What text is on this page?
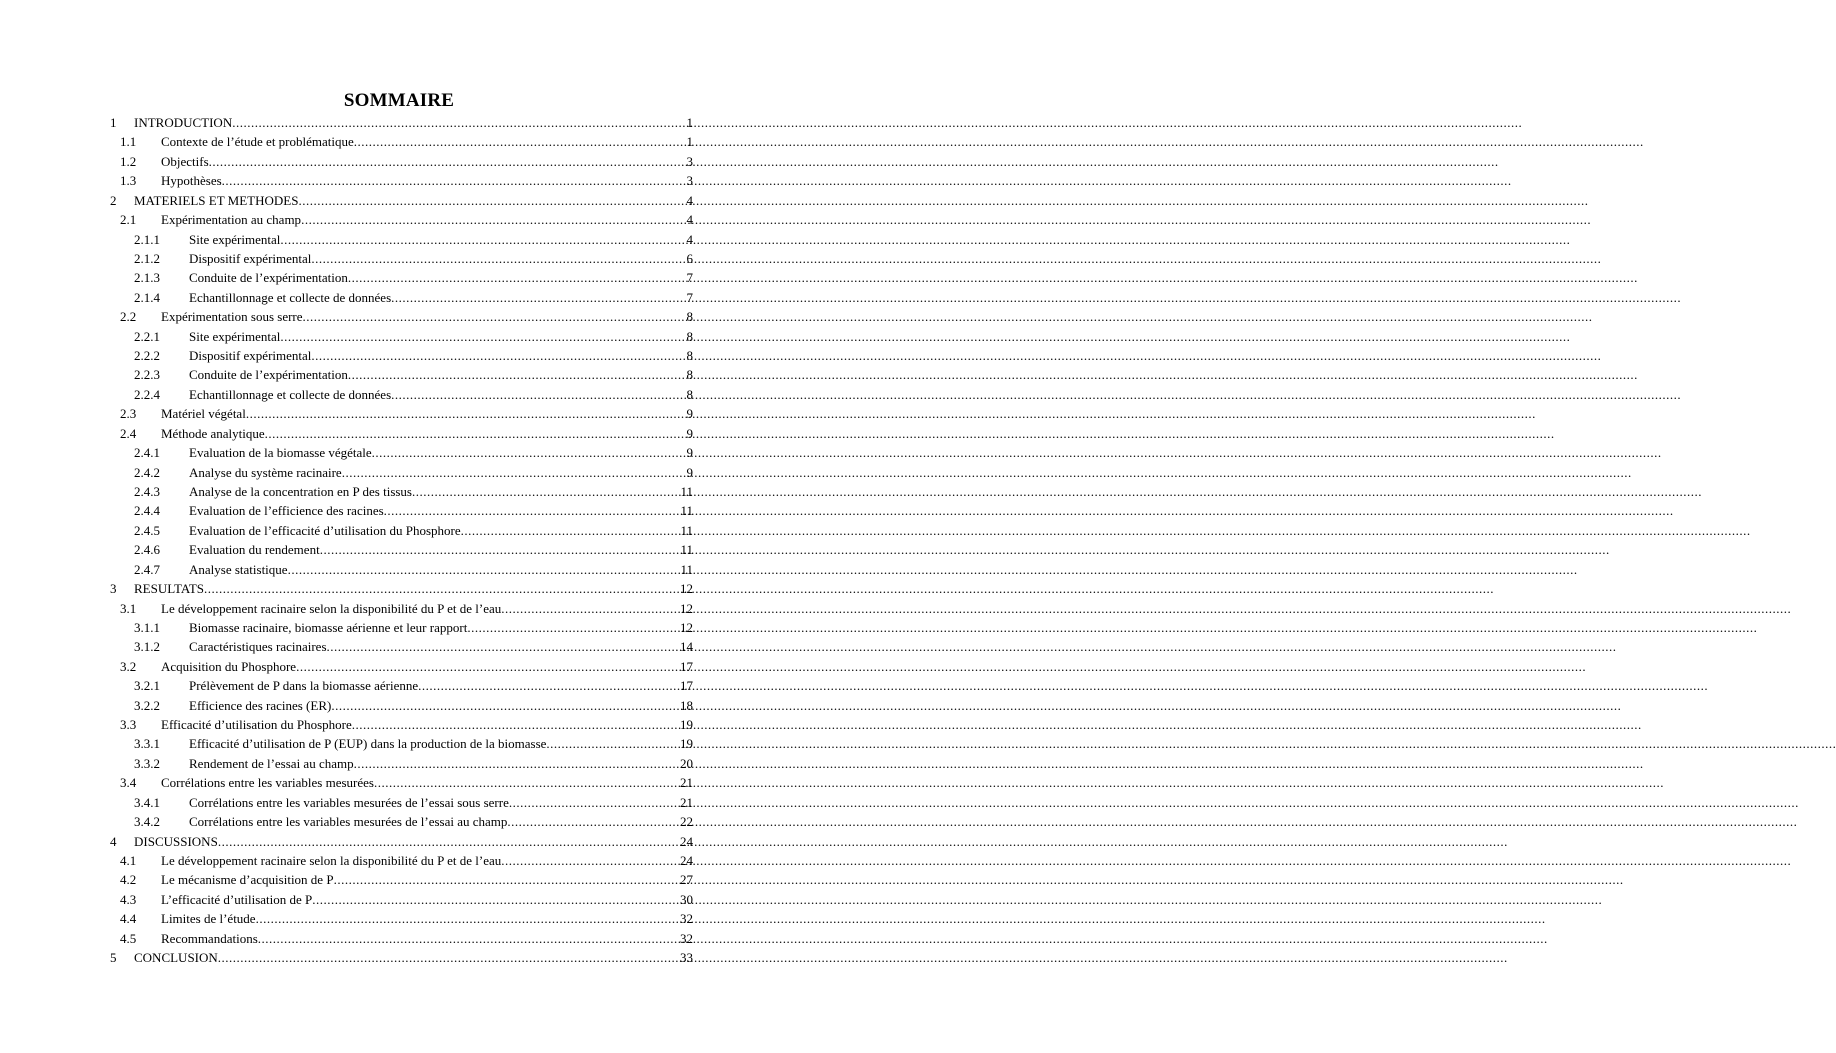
SOMMAIRE
1	INTRODUCTION .....	1
1.1	Contexte de l’étude et problématique .....	1
1.2	Objectifs .....	3
1.3	Hypothèses .....	3
2	MATERIELS ET METHODES .....	4
2.1	Expérimentation au champ .....	4
2.1.1	Site expérimental .....	4
2.1.2	Dispositif expérimental .....	6
2.1.3	Conduite de l’expérimentation .....	7
2.1.4	Echantillonnage et collecte de données .....	7
2.2	Expérimentation sous serre .....	8
2.2.1	Site expérimental .....	8
2.2.2	Dispositif expérimental .....	8
2.2.3	Conduite de l’expérimentation .....	8
2.2.4	Echantillonnage et collecte de données .....	8
2.3	Matériel végétal .....	9
2.4	Méthode analytique .....	9
2.4.1	Evaluation de la biomasse végétale .....	9
2.4.2	Analyse du système racinaire .....	9
2.4.3	Analyse de la concentration en P des tissus .....	11
2.4.4	Evaluation de l’efficience des racines .....	11
2.4.5	Evaluation de l’efficacité d’utilisation du Phosphore .....	11
2.4.6	Evaluation du rendement .....	11
2.4.7	Analyse statistique .....	11
3	RESULTATS .....	12
3.1	Le développement racinaire selon la disponibilité du P et de l’eau .....	12
3.1.1	Biomasse racinaire, biomasse aérienne et leur rapport .....	12
3.1.2	Caractéristiques racinaires .....	14
3.2	Acquisition du Phosphore .....	17
3.2.1	Prélèvement de P dans la biomasse aérienne .....	17
3.2.2	Efficience des racines (ER) .....	18
3.3	Efficacité d’utilisation du Phosphore .....	19
3.3.1	Efficacité d’utilisation de P (EUP) dans la production de la biomasse .....	19
3.3.2	Rendement de l’essai au champ .....	20
3.4	Corrélations entre les variables mesurées .....	21
3.4.1	Corrélations entre les variables mesurées de l’essai sous serre .....	21
3.4.2	Corrélations entre les variables mesurées de l’essai au champ .....	22
4	DISCUSSIONS .....	24
4.1	Le développement racinaire selon la disponibilité du P et de l’eau .....	24
4.2	Le mécanisme d’acquisition de P .....	27
4.3	L’efficacité d’utilisation de P .....	30
4.4	Limites de l’étude .....	32
4.5	Recommandations .....	32
5	CONCLUSION .....	33
